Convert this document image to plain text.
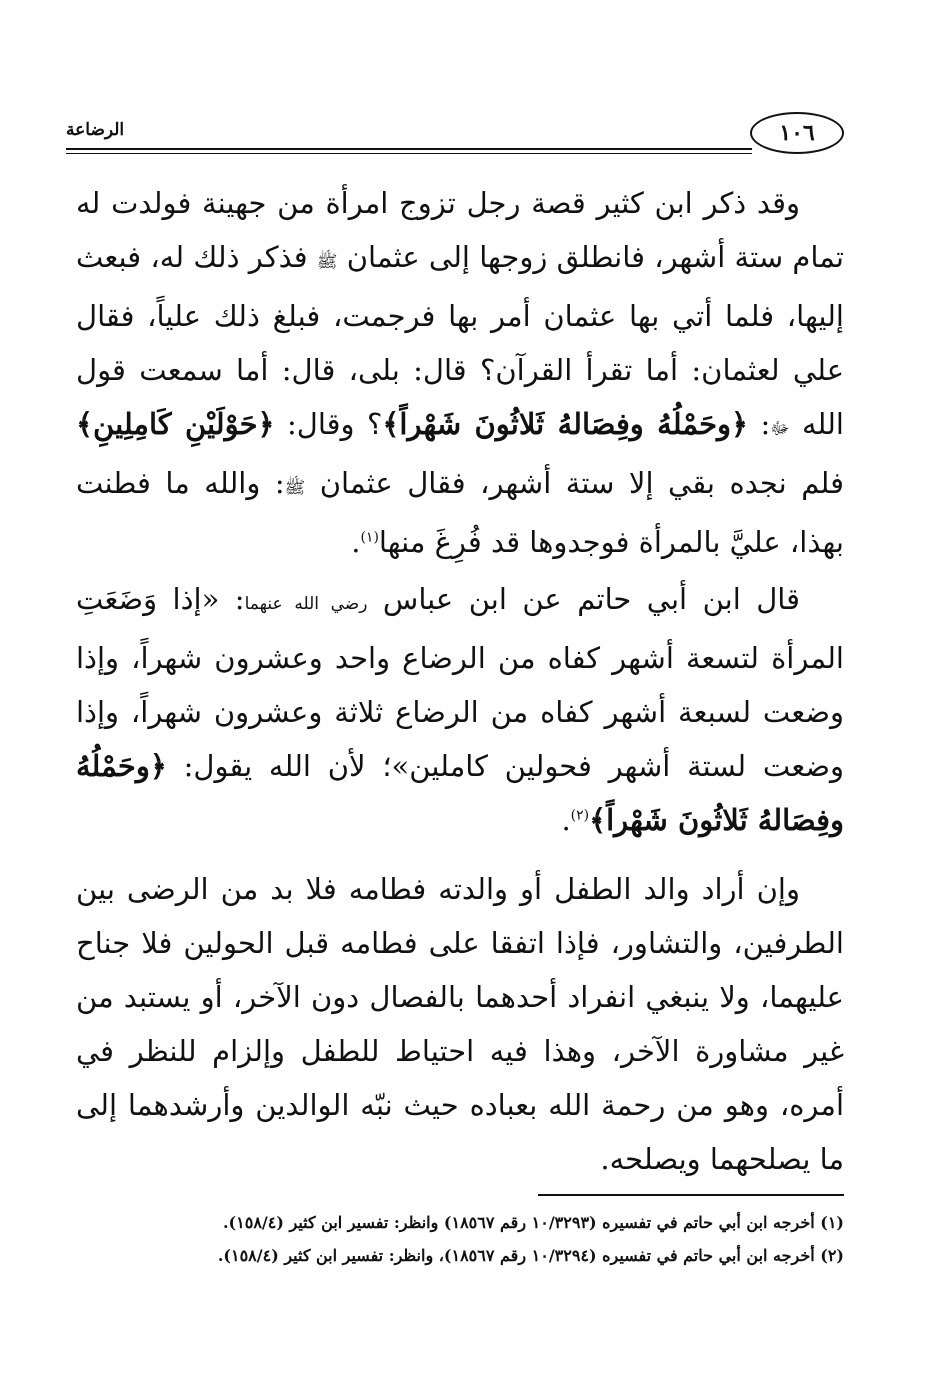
الرضاعة	١٠٦

وقد ذكر ابن كثير قصة رجل تزوج امرأة من جهينة فولدت له تمام ستة أشهر، فانطلق زوجها إلى عثمان ﷺ فذكر ذلك له، فبعث إليها، فلما أتي بها عثمان أمر بها فرجمت، فبلغ ذلك علياً، فقال علي لعثمان: أما تقرأ القرآن؟ قال: بلى، قال: أما سمعت قول الله ﷻ: ﴿وحَمْلُهُ وفِصَالهُ ثَلاثُونَ شَهْراً﴾؟ وقال: ﴿حَوْلَيْنِ كَامِلِينِ﴾ فلم نجده بقي إلا ستة أشهر، فقال عثمان ﷺ: والله ما فطنت بهذا، عليَّ بالمرأة فوجدوها قد فُرِغَ منها$^{(١)}$.

قال ابن أبي حاتم عن ابن عباس رضي الله عنهما: «إذا وَضَعَتِ المرأة لتسعة أشهر كفاه من الرضاع واحد وعشرون شهراً، وإذا وضعت لسبعة أشهر كفاه من الرضاع ثلاثة وعشرون شهراً، وإذا وضعت لستة أشهر فحولين كاملين»؛ لأن الله يقول: ﴿وحَمْلُهُ وفِصَالهُ ثَلاثُونَ شَهْراً﴾$^{(٢)}$.

وإن أراد والد الطفل أو والدته فطامه فلا بد من الرضى بين الطرفين، والتشاور، فإذا اتفقا على فطامه قبل الحولين فلا جناح عليهما، ولا ينبغي انفراد أحدهما بالفصال دون الآخر، أو يستبد من غير مشاورة الآخر، وهذا فيه احتياط للطفل وإلزام للنظر في أمره، وهو من رحمة الله بعباده حيث نبّه الوالدين وأرشدهما إلى ما يصلحهما ويصلحه.

(١) أخرجه ابن أبي حاتم في تفسيره (١٠/٣٢٩٣ رقم ١٨٥٦٧) وانظر: تفسير ابن كثير (١٥٨/٤).

(٢) أخرجه ابن أبي حاتم في تفسيره (١٠/٣٢٩٤ رقم ١٨٥٦٧)، وانظر: تفسير ابن كثير (١٥٨/٤).
